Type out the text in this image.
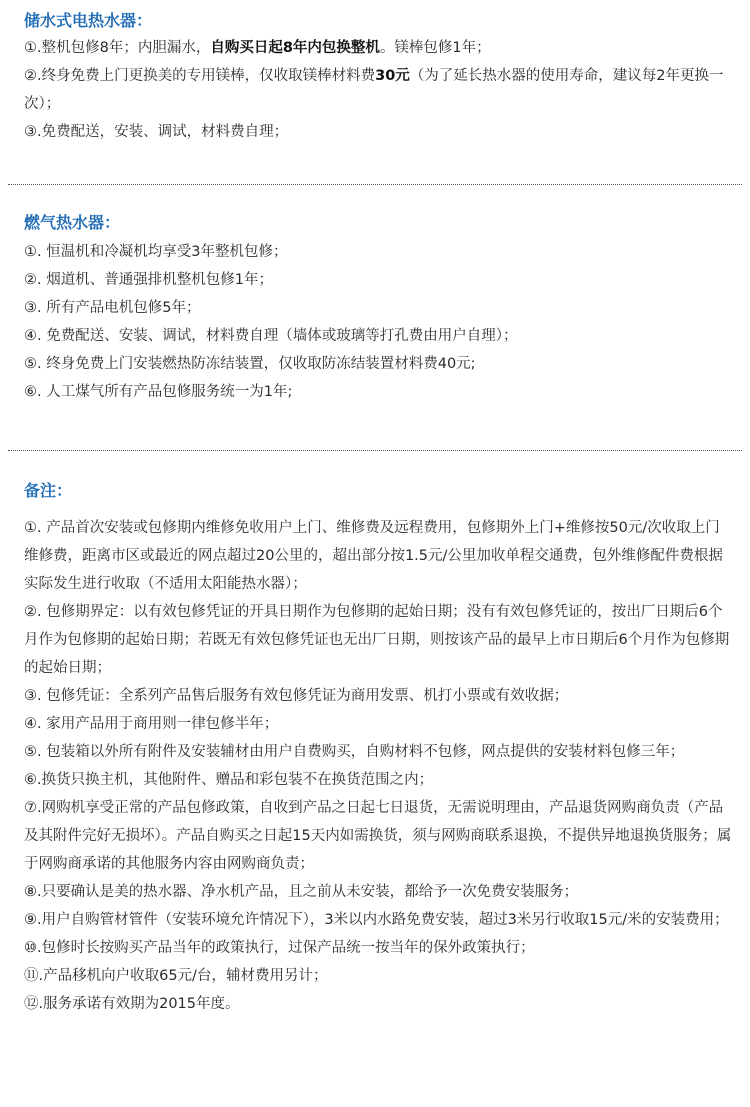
储水式电热水器：

①.整机包修8年；内胆漏水，自购买日起8年内包换整机。镁棒包修1年；

②.终身免费上门更换美的专用镁棒，仅收取镁棒材料费30元（为了延长热水器的使用寿命，建议每2年更换一次）；

③.免费配送，安装、调试，材料费自理；

燃气热水器：

①. 恒温机和冷凝机均享受3年整机包修；

②. 烟道机、普通强排机整机包修1年；

③. 所有产品电机包修5年；

④. 免费配送、安装、调试，材料费自理（墙体或玻璃等打孔费由用户自理）；

⑤. 终身免费上门安装燃热防冻结装置，仅收取防冻结装置材料费40元;

⑥. 人工煤气所有产品包修服务统一为1年;

备注：

①. 产品首次安装或包修期内维修免收用户上门、维修费及远程费用，包修期外上门+维修按50元/次收取上门维修费，距离市区或最近的网点超过20公里的，超出部分按1.5元/公里加收单程交通费，包外维修配件费根据实际发生进行收取（不适用太阳能热水器）；

②. 包修期界定：以有效包修凭证的开具日期作为包修期的起始日期；没有有效包修凭证的，按出厂日期后6个月作为包修期的起始日期；若既无有效包修凭证也无出厂日期，则按该产品的最早上市日期后6个月作为包修期的起始日期；

③. 包修凭证：全系列产品售后服务有效包修凭证为商用发票、机打小票或有效收据；

④. 家用产品用于商用则一律包修半年；

⑤. 包装箱以外所有附件及安装辅材由用户自费购买，自购材料不包修，网点提供的安装材料包修三年；

⑥.换货只换主机，其他附件、赠品和彩包装不在换货范围之内；

⑦.网购机享受正常的产品包修政策，自收到产品之日起七日退货，无需说明理由，产品退货网购商负责（产品及其附件完好无损坏）。产品自购买之日起15天内如需换货，须与网购商联系退换，不提供异地退换货服务；属于网购商承诺的其他服务内容由网购商负责；

⑧.只要确认是美的热水器、净水机产品，且之前从未安装，都给予一次免费安装服务；

⑨.用户自购管材管件（安装环境允许情况下），3米以内水路免费安装，超过3米另行收取15元/米的安装费用；

⑩.包修时长按购买产品当年的政策执行，过保产品统一按当年的保外政策执行；

⑪.产品移机向户收取65元/台，辅材费用另计；

⑫.服务承诺有效期为2015年度。
